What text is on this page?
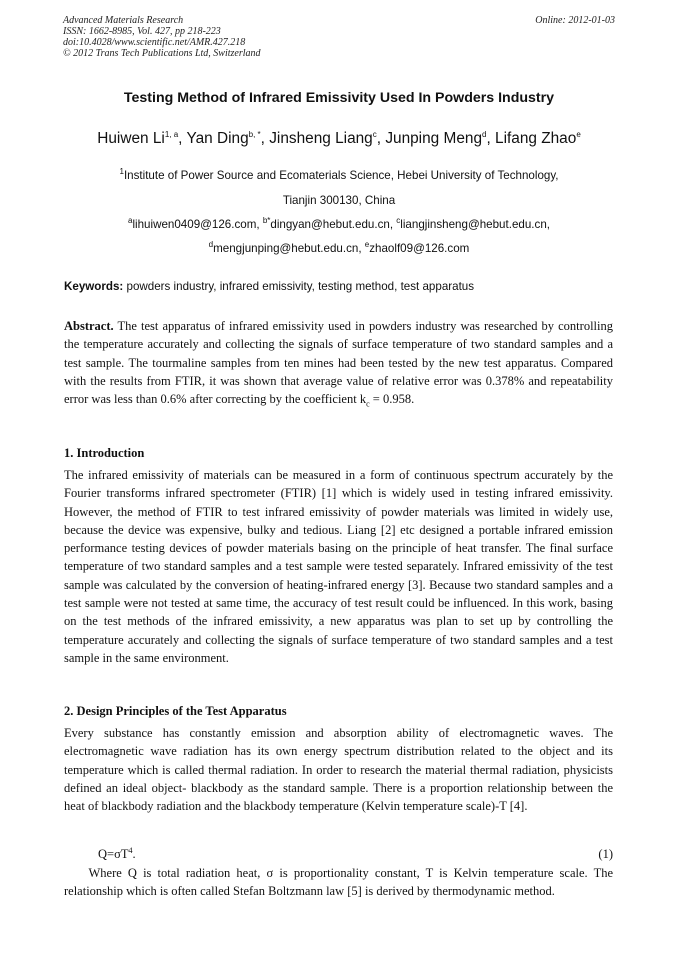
Advanced Materials Research
ISSN: 1662-8985, Vol. 427, pp 218-223
doi:10.4028/www.scientific.net/AMR.427.218
© 2012 Trans Tech Publications Ltd, Switzerland
Online: 2012-01-03
Testing Method of Infrared Emissivity Used In Powders Industry
Huiwen Li$^{1, a}$, Yan Ding$^{b, *}$, Jinsheng Liang$^c$, Junping Meng$^d$, Lifang Zhao$^e$
$^1$Institute of Power Source and Ecomaterials Science, Hebei University of Technology,
Tianjin 300130, China
$^a$lihuiwen0409@126.com, $^{b*}$dingyan@hebut.edu.cn, $^c$liangjinsheng@hebut.edu.cn,
$^d$mengjunping@hebut.edu.cn, $^e$zhaolf09@126.com
Keywords: powders industry, infrared emissivity, testing method, test apparatus
Abstract. The test apparatus of infrared emissivity used in powders industry was researched by controlling the temperature accurately and collecting the signals of surface temperature of two standard samples and a test sample. The tourmaline samples from ten mines had been tested by the new test apparatus. Compared with the results from FTIR, it was shown that average value of relative error was 0.378% and repeatability error was less than 0.6% after correcting by the coefficient $k_c = 0.958$.
1. Introduction
The infrared emissivity of materials can be measured in a form of continuous spectrum accurately by the Fourier transforms infrared spectrometer (FTIR) [1] which is widely used in testing infrared emissivity. However, the method of FTIR to test infrared emissivity of powder materials was limited in widely use, because the device was expensive, bulky and tedious. Liang [2] etc designed a portable infrared emission performance testing devices of powder materials basing on the principle of heat transfer. The final surface temperature of two standard samples and a test sample were tested separately. Infrared emissivity of the test sample was calculated by the conversion of heating-infrared energy [3]. Because two standard samples and a test sample were not tested at same time, the accuracy of test result could be influenced. In this work, basing on the test methods of the infrared emissivity, a new apparatus was plan to set up by controlling the temperature accurately and collecting the signals of surface temperature of two standard samples and a test sample in the same environment.
2. Design Principles of the Test Apparatus
Every substance has constantly emission and absorption ability of electromagnetic waves. The electromagnetic wave radiation has its own energy spectrum distribution related to the object and its temperature which is called thermal radiation. In order to research the material thermal radiation, physicists defined an ideal object- blackbody as the standard sample. There is a proportion relationship between the heat of blackbody radiation and the blackbody temperature (Kelvin temperature scale)-T [4].
$Q=\sigma T^4$.	(1)
Where Q is total radiation heat, σ is proportionality constant, T is Kelvin temperature scale. The relationship which is often called Stefan Boltzmann law [5] is derived by thermodynamic method.
